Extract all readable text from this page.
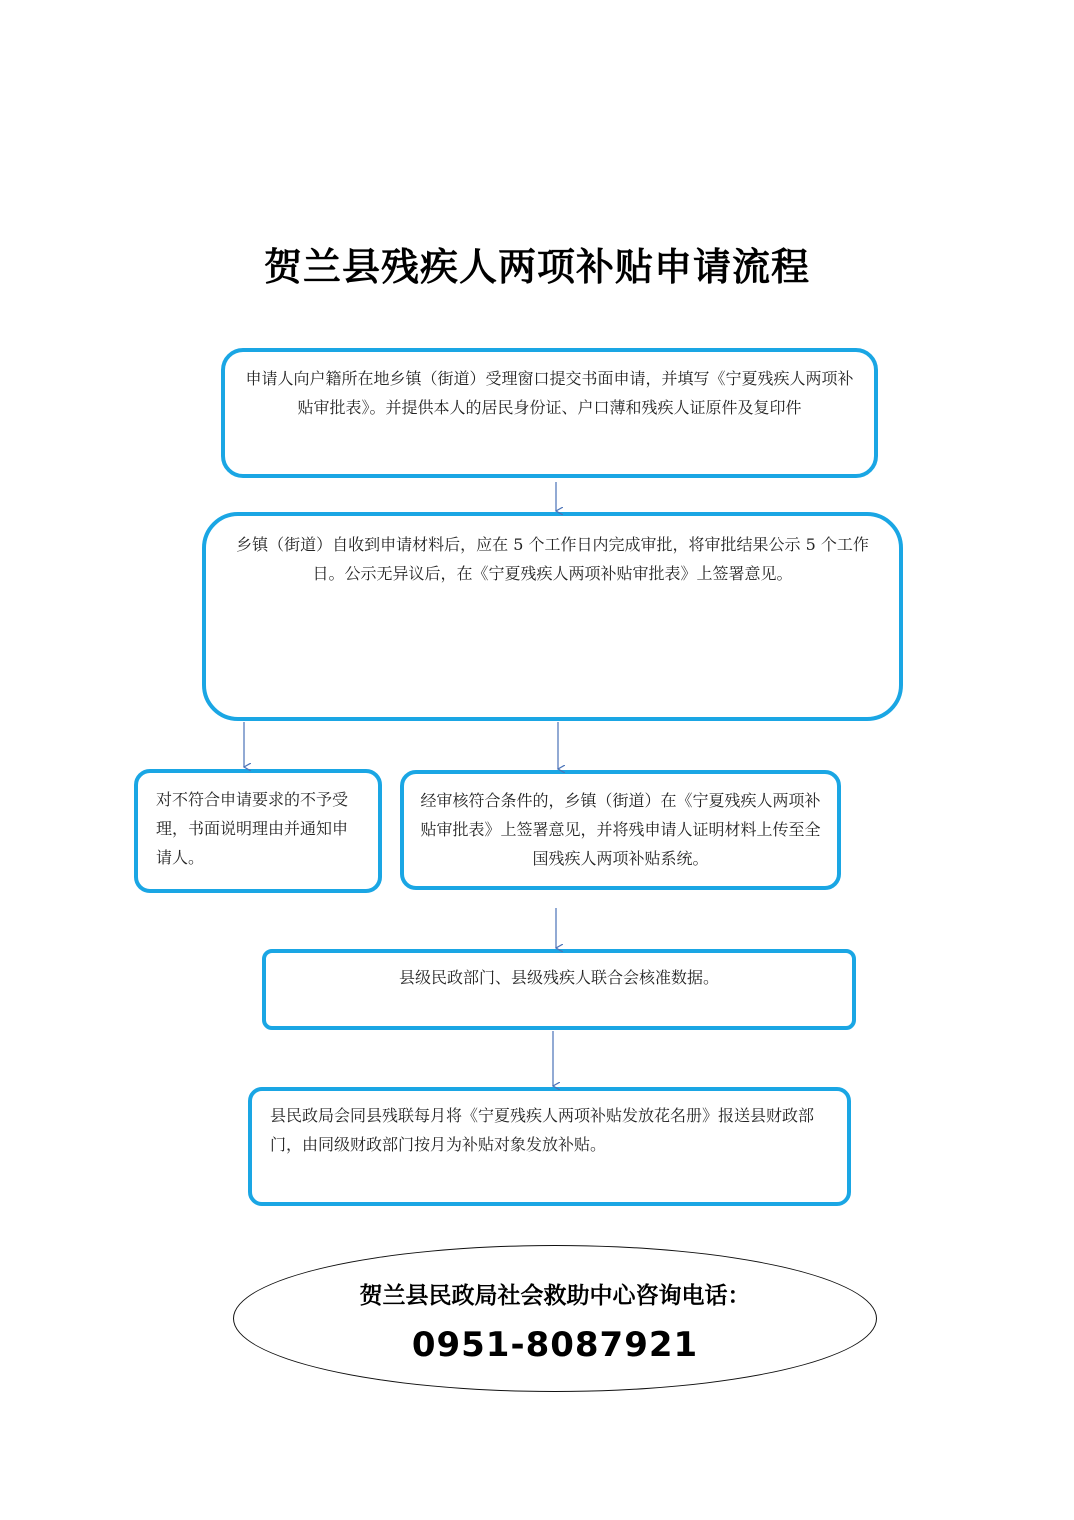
贺兰县残疾人两项补贴申请流程
申请人向户籍所在地乡镇（街道）受理窗口提交书面申请，并填写《宁夏残疾人两项补贴审批表》。并提供本人的居民身份证、户口薄和残疾人证原件及复印件
乡镇（街道）自收到申请材料后，应在 5 个工作日内完成审批，将审批结果公示 5 个工作日。公示无异议后，在《宁夏残疾人两项补贴审批表》上签署意见。
对不符合申请要求的不予受理，书面说明理由并通知申请人。
经审核符合条件的，乡镇（街道）在《宁夏残疾人两项补贴审批表》上签署意见，并将残申请人证明材料上传至全国残疾人两项补贴系统。
县级民政部门、县级残疾人联合会核准数据。
县民政局会同县残联每月将《宁夏残疾人两项补贴发放花名册》报送县财政部门，由同级财政部门按月为补贴对象发放补贴。
贺兰县民政局社会救助中心咨询电话：
0951-8087921
